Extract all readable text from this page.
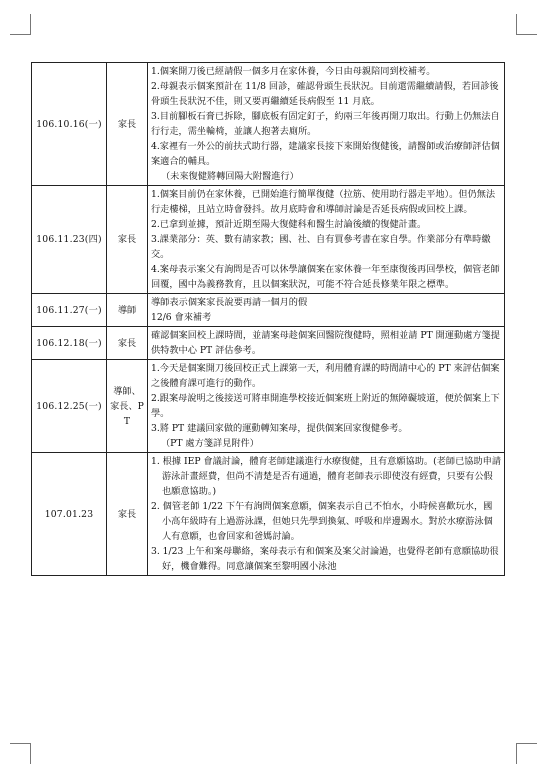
106.10.16(一)	家長	1.個案開刀後已經請假一個多月在家休養，今日由母親陪同到校補考。
2.母親表示個案預計在 11/8 回診，確認骨頭生長狀況。目前還需繼續請假，若回診後骨頭生長狀況不佳，則又要再繼續延長病假至 11 月底。
3.目前腳板石膏已拆除，腳底板有固定釘子，約兩三年後再開刀取出。行動上仍無法自行行走，需坐輪椅，並讓人抱著去廁所。
4.家裡有一外公的前扶式助行器，建議家長接下來開始復健後，請醫師或治療師評估個案適合的輔具。
（未來復健將轉回陽大附醫進行）

106.11.23(四)	家長	1.個案目前仍在家休養，已開始進行簡單復健（拉筋、使用助行器走平地）。但仍無法行走樓梯，且站立時會發抖。故月底時會和導師討論是否延長病假或回校上課。
2.已拿到並據，預計近期至陽大復健科和醫生討論後續的復健計畫。
3.課業部分：英、數有請家教；國、社、自有買參考書在家自學。作業部分有準時繳交。
4.案母表示案父有詢問是否可以休學讓個案在家休養一年至康復後再回學校，個管老師回覆，國中為義務教育，且以個案狀況，可能不符合延長修業年限之標準。

106.11.27(一)	導師	導師表示個案家長說要再請一個月的假
12/6 會來補考

106.12.18(一)	家長	確認個案回校上課時間，並請案母趁個案回醫院復健時，照相並請 PT 開運動處方箋提供特教中心 PT 評估參考。

106.12.25(一)	導師、家長、PT	1.今天是個案開刀後回校正式上課第一天，利用體育課的時間請中心的 PT 來評估個案之後體育課可進行的動作。
2.跟案母說明之後接送可將車開進學校接近個案班上附近的無障礙坡道，便於個案上下學。
3.將 PT 建議回家做的運動轉知案母，提供個案回家復健參考。
（PT 處方箋詳見附件）

107.01.23	家長	1. 根據 IEP 會議討論，體育老師建議進行水療復健，且有意願協助。(老師已協助申請游泳計畫經費，但尚不清楚是否有通過，體育老師表示即使沒有經費，只要有公假也願意協助。)
2. 個管老師 1/22 下午有詢問個案意願，個案表示自己不怕水，小時候喜歡玩水，國小高年級時有上過游泳課，但她只先學到換氣、呼吸和岸邊踢水。對於水療游泳個人有意願，也會回家和爸媽討論。
3. 1/23 上午和案母聯絡，案母表示有和個案及案父討論過，也覺得老師有意願協助很好，機會難得。同意讓個案至黎明國小泳池
